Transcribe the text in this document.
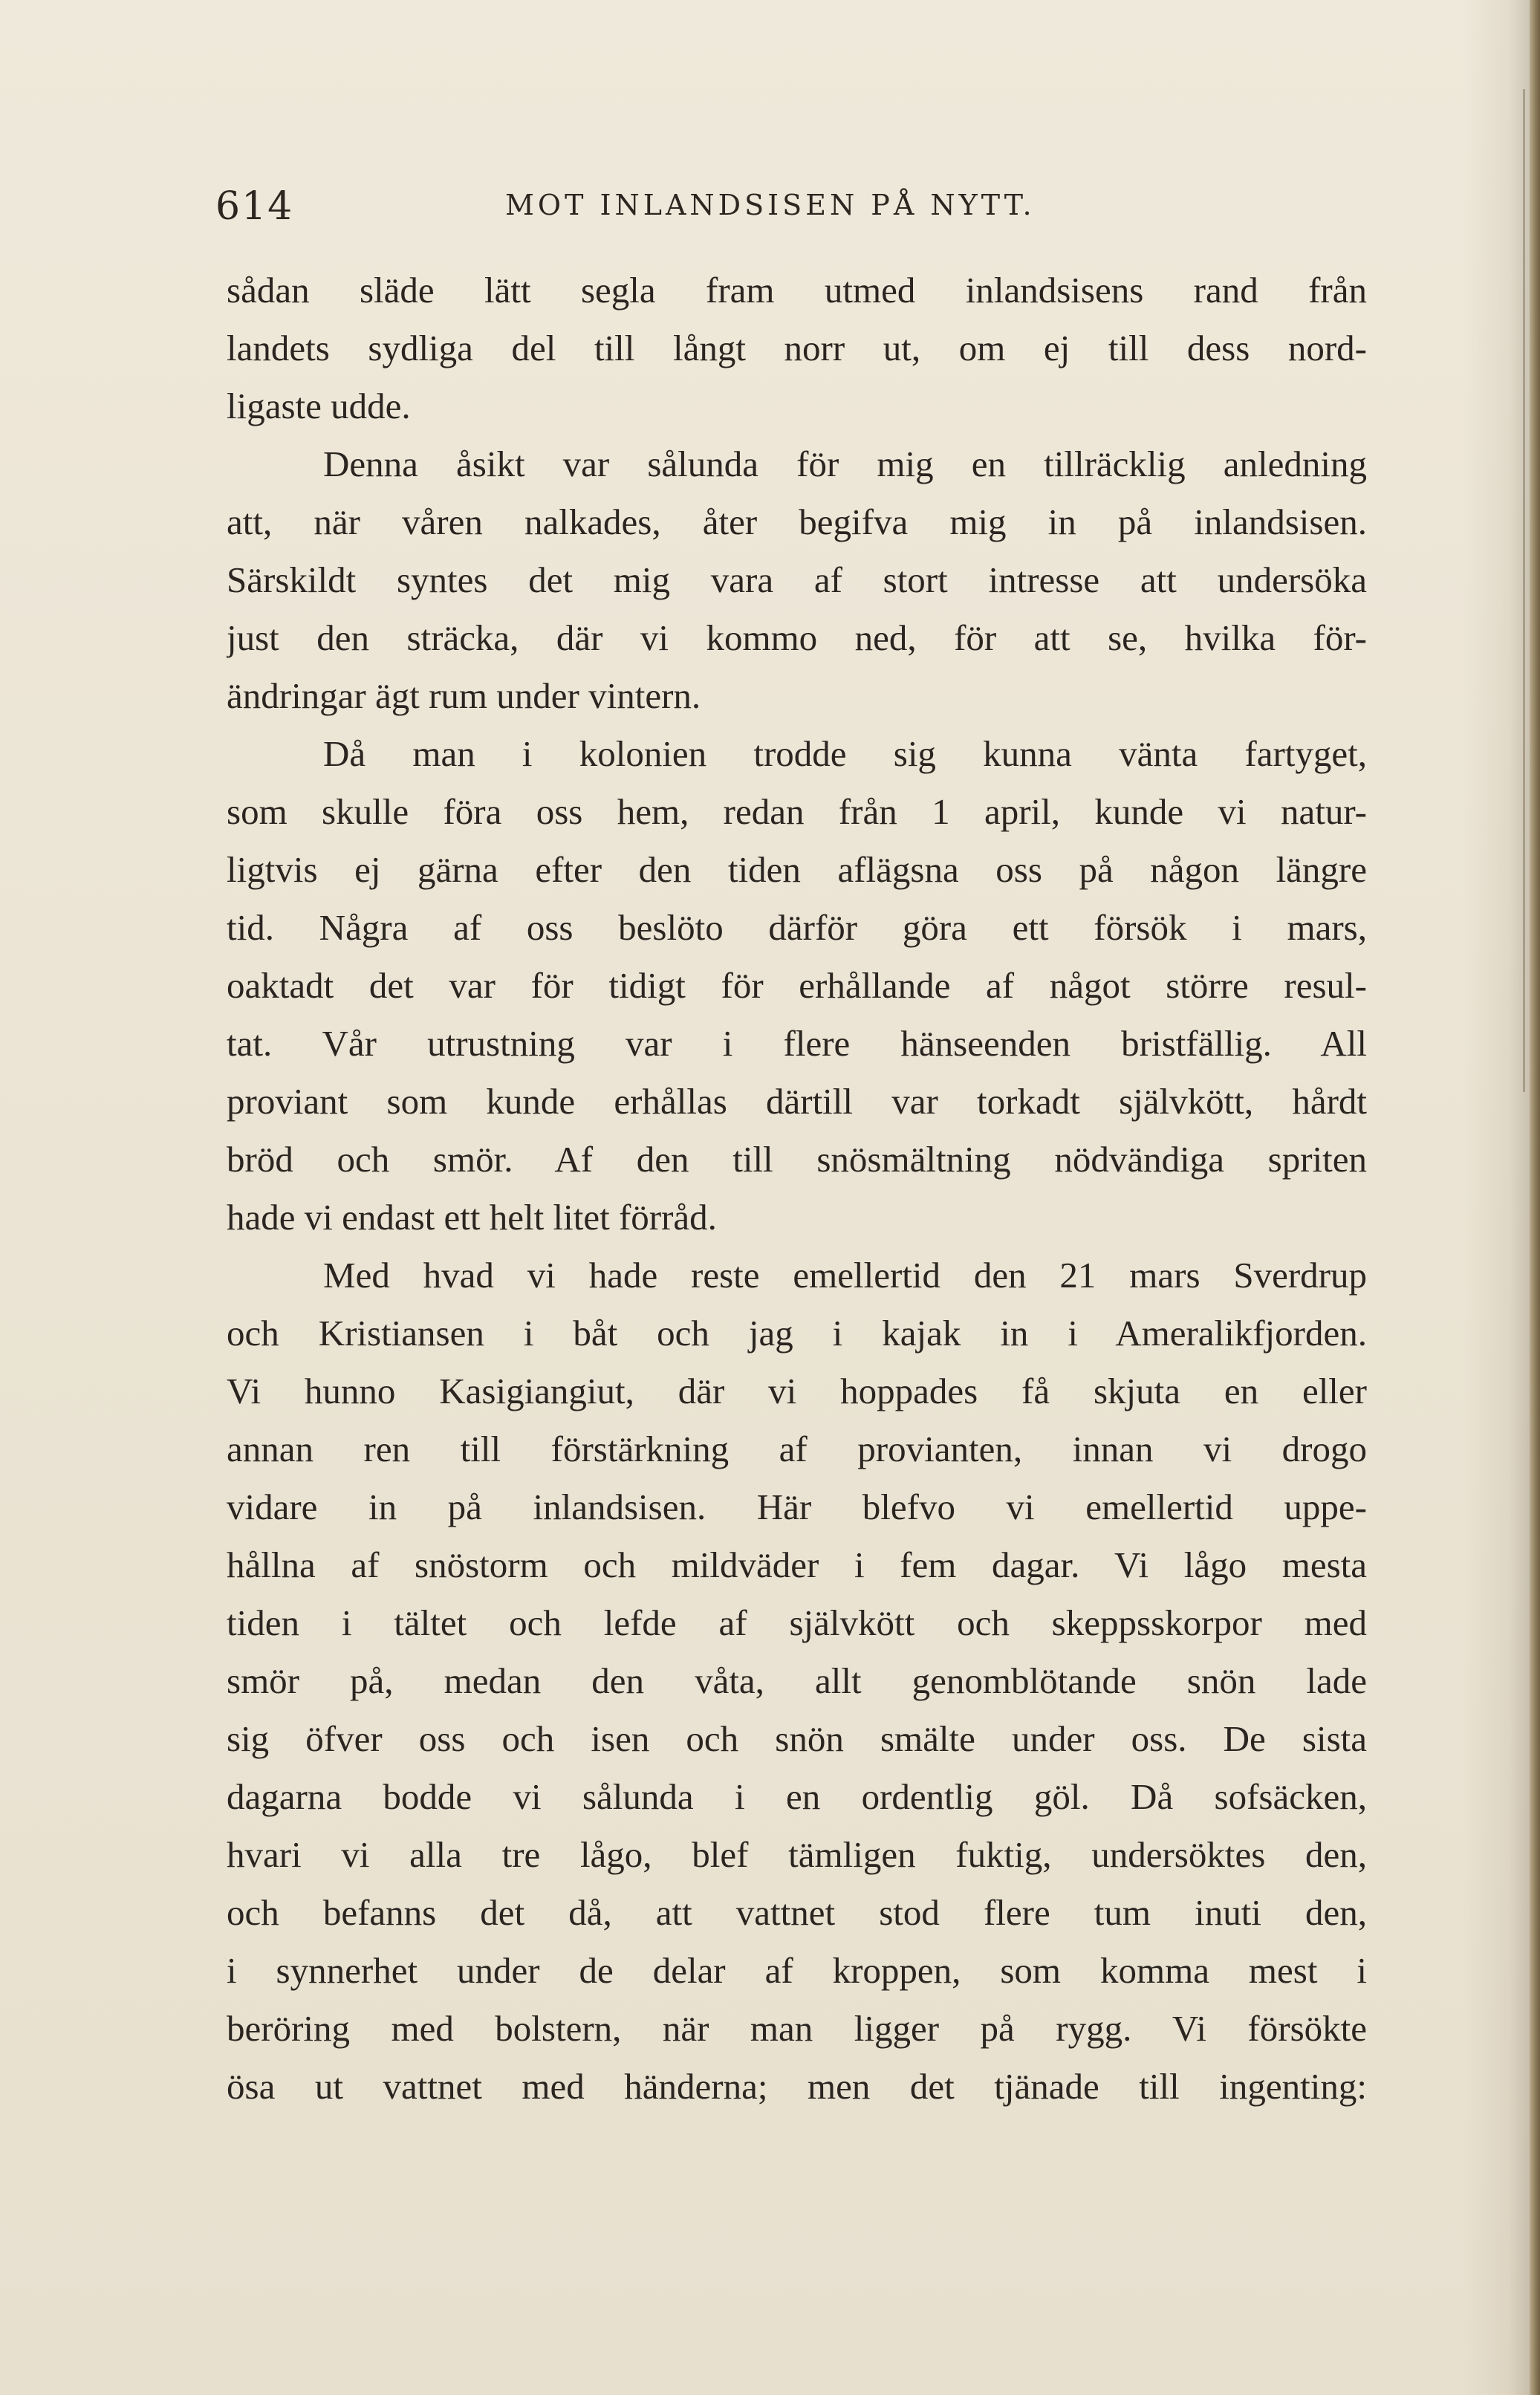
614	MOT INLANDSISEN PÅ NYTT.
sådan släde lätt segla fram utmed inlandsisens rand från
landets sydliga del till långt norr ut, om ej till dess nord-
ligaste udde.
Denna åsikt var sålunda för mig en tillräcklig anledning
att, när våren nalkades, åter begifva mig in på inlandsisen.
Särskildt syntes det mig vara af stort intresse att undersöka
just den sträcka, där vi kommo ned, för att se, hvilka för-
ändringar ägt rum under vintern.
Då man i kolonien trodde sig kunna vänta fartyget,
som skulle föra oss hem, redan från 1 april, kunde vi natur-
ligtvis ej gärna efter den tiden aflägsna oss på någon längre
tid. Några af oss beslöto därför göra ett försök i mars,
oaktadt det var för tidigt för erhållande af något större resul-
tat. Vår utrustning var i flere hänseenden bristfällig. All
proviant som kunde erhållas därtill var torkadt självkött, hårdt
bröd och smör. Af den till snösmältning nödvändiga spriten
hade vi endast ett helt litet förråd.
Med hvad vi hade reste emellertid den 21 mars Sverdrup
och Kristiansen i båt och jag i kajak in i Ameralikfjorden.
Vi hunno Kasigiangiut, där vi hoppades få skjuta en eller
annan ren till förstärkning af provianten, innan vi drogo
vidare in på inlandsisen. Här blefvo vi emellertid uppe-
hållna af snöstorm och mildväder i fem dagar. Vi lågo mesta
tiden i tältet och lefde af självkött och skeppsskorpor med
smör på, medan den våta, allt genomblötande snön lade
sig öfver oss och isen och snön smälte under oss. De sista
dagarna bodde vi sålunda i en ordentlig göl. Då sofsäcken,
hvari vi alla tre lågo, blef tämligen fuktig, undersöktes den,
och befanns det då, att vattnet stod flere tum inuti den,
i synnerhet under de delar af kroppen, som komma mest i
beröring med bolstern, när man ligger på rygg. Vi försökte
ösa ut vattnet med händerna; men det tjänade till ingenting:
